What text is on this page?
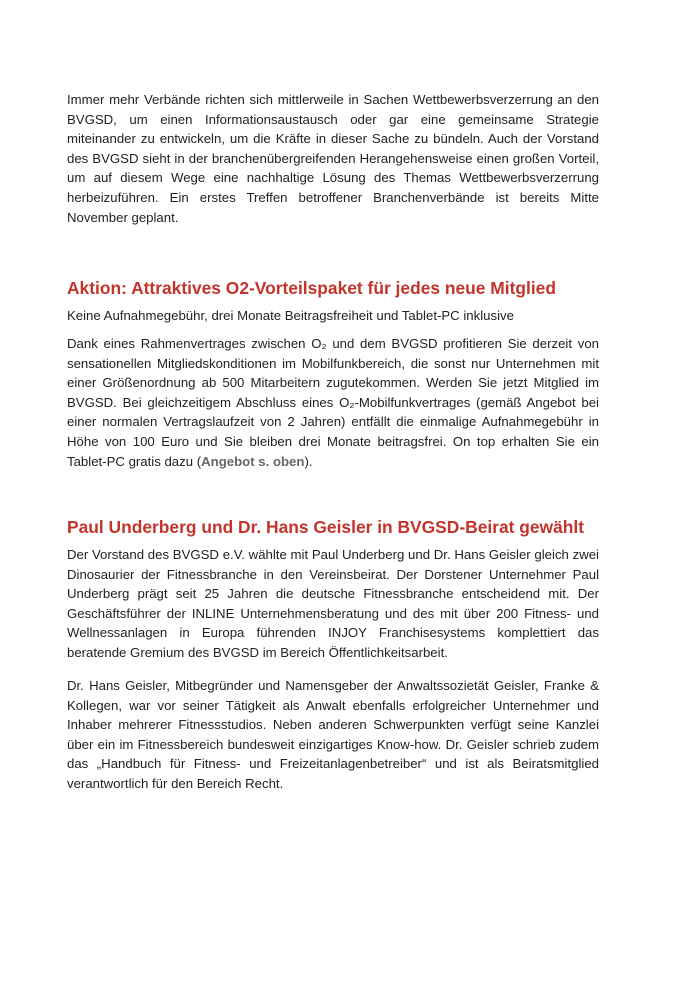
Immer mehr Verbände richten sich mittlerweile in Sachen Wettbewerbsverzerrung an den BVGSD, um einen Informationsaustausch oder gar eine gemeinsame Strategie miteinander zu entwickeln, um die Kräfte in dieser Sache zu bündeln. Auch der Vorstand des BVGSD sieht in der branchenübergreifenden Herangehensweise einen großen Vorteil, um auf diesem Wege eine nachhaltige Lösung des Themas Wettbewerbsverzerrung herbeizuführen. Ein erstes Treffen betroffener Branchenverbände ist bereits Mitte November geplant.

Aktion: Attraktives O2-Vorteilspaket für jedes neue Mitglied

Keine Aufnahmegebühr, drei Monate Beitragsfreiheit und Tablet-PC inklusive

Dank eines Rahmenvertrages zwischen O₂ und dem BVGSD profitieren Sie derzeit von sensationellen Mitgliedskonditionen im Mobilfunkbereich, die sonst nur Unternehmen mit einer Größenordnung ab 500 Mitarbeitern zugutekommen. Werden Sie jetzt Mitglied im BVGSD. Bei gleichzeitigem Abschluss eines O₂-Mobilfunkvertrages (gemäß Angebot bei einer normalen Vertragslaufzeit von 2 Jahren) entfällt die einmalige Aufnahmegebühr in Höhe von 100 Euro und Sie bleiben drei Monate beitragsfrei. On top erhalten Sie ein Tablet-PC gratis dazu (Angebot s. oben).

Paul Underberg und Dr. Hans Geisler in BVGSD-Beirat gewählt

Der Vorstand des BVGSD e.V. wählte mit Paul Underberg und Dr. Hans Geisler gleich zwei Dinosaurier der Fitnessbranche in den Vereinsbeirat. Der Dorstener Unternehmer Paul Underberg prägt seit 25 Jahren die deutsche Fitnessbranche entscheidend mit. Der Geschäftsführer der INLINE Unternehmensberatung und des mit über 200 Fitness- und Wellnessanlagen in Europa führenden INJOY Franchisesystems komplettiert das beratende Gremium des BVGSD im Bereich Öffentlichkeitsarbeit.

Dr. Hans Geisler, Mitbegründer und Namensgeber der Anwaltssozietät Geisler, Franke & Kollegen, war vor seiner Tätigkeit als Anwalt ebenfalls erfolgreicher Unternehmer und Inhaber mehrerer Fitnessstudios. Neben anderen Schwerpunkten verfügt seine Kanzlei über ein im Fitnessbereich bundesweit einzigartiges Know-how. Dr. Geisler schrieb zudem das „Handbuch für Fitness- und Freizeitanlagenbetreiber“ und ist als Beiratsmitglied verantwortlich für den Bereich Recht.
